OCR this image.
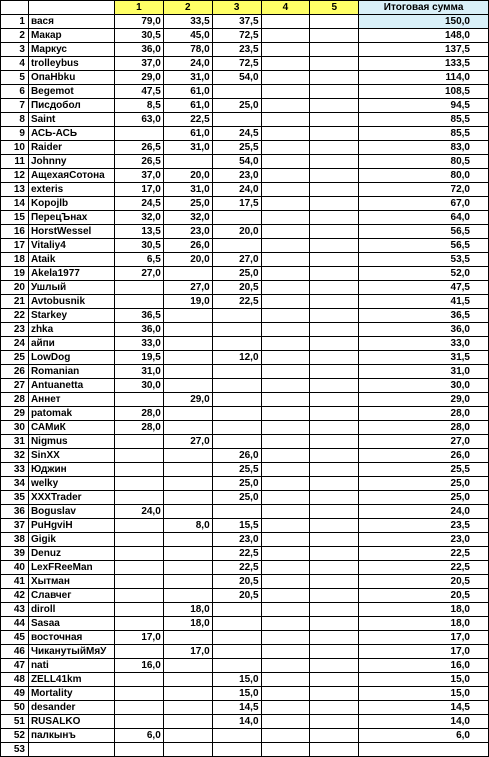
		1	2	3	4	5	Итоговая сумма
1	вася	79,0	33,5	37,5			150,0
2	Макар	30,5	45,0	72,5			148,0
3	Маркус	36,0	78,0	23,5			137,5
4	trolleybus	37,0	24,0	72,5			133,5
5	ОпаНbku	29,0	31,0	54,0			114,0
6	Begemot	47,5	61,0				108,5
7	Писдобол	8,5	61,0	25,0			94,5
8	Saint	63,0	22,5				85,5
9	АСЬ-АСЬ		61,0	24,5			85,5
10	Raider	26,5	31,0	25,5			83,0
11	Johnny	26,5		54,0			80,5
12	АщеxaяСотона	37,0	20,0	23,0			80,0
13	exteris	17,0	31,0	24,0			72,0
14	Kopojlb	24,5	25,0	17,5			67,0
15	ПерецЪнах	32,0	32,0				64,0
16	HorstWessel	13,5	23,0	20,0			56,5
17	Vitaliy4	30,5	26,0				56,5
18	Ataik	6,5	20,0	27,0			53,5
19	Akela1977	27,0		25,0			52,0
20	Ушлый		27,0	20,5			47,5
21	Avtobusnik		19,0	22,5			41,5
22	Starkey	36,5					36,5
23	zhka	36,0					36,0
24	айпи	33,0					33,0
25	LowDog	19,5		12,0			31,5
26	Romanian	31,0					31,0
27	Antuanetta	30,0					30,0
28	Аннет		29,0				29,0
29	patomak	28,0					28,0
30	САМиК	28,0					28,0
31	Nigmus		27,0				27,0
32	SinXX			26,0			26,0
33	Юджин			25,5			25,5
34	welky			25,0			25,0
35	XXXTrader			25,0			25,0
36	Boguslav	24,0					24,0
37	PuHgviH		8,0	15,5			23,5
38	Gigik			23,0			23,0
39	Denuz			22,5			22,5
40	LexFReeMan			22,5			22,5
41	Хытман			20,5			20,5
42	Славчег			20,5			20,5
43	diroll		18,0				18,0
44	Sasaa		18,0				18,0
45	восточная	17,0					17,0
46	ЧиканутыйМяУ		17,0				17,0
47	nati	16,0					16,0
48	ZELL41km			15,0			15,0
49	Mortality			15,0			15,0
50	desander			14,5			14,5
51	RUSALKO			14,0			14,0
52	палкынъ	6,0					6,0
53							
